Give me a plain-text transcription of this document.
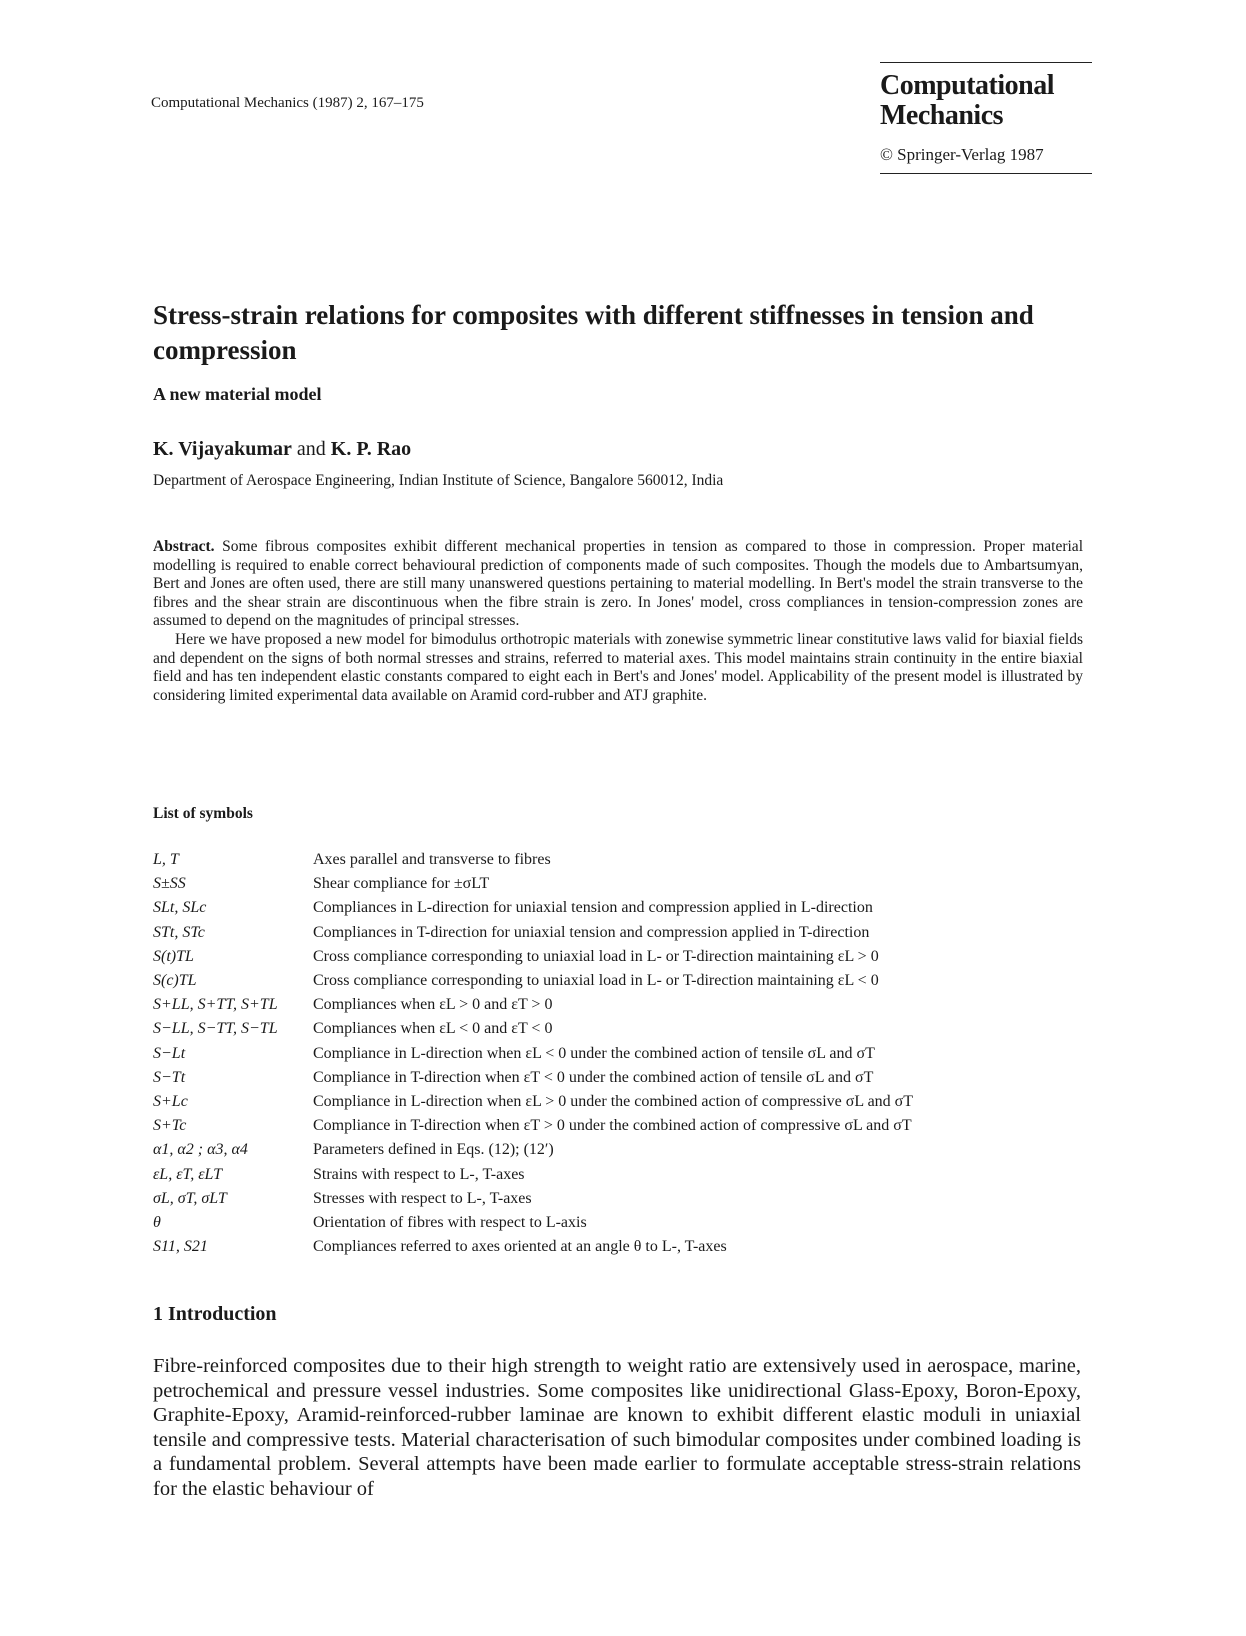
Computational Mechanics (1987) 2, 167–175
Computational
Mechanics
© Springer-Verlag 1987
Stress-strain relations for composites with different stiffnesses in tension and compression
A new material model
K. Vijayakumar and K. P. Rao
Department of Aerospace Engineering, Indian Institute of Science, Bangalore 560012, India

Abstract. Some fibrous composites exhibit different mechanical properties in tension as compared to those in compression. Proper material modelling is required to enable correct behavioural prediction of components made of such composites. Though the models due to Ambartsumyan, Bert and Jones are often used, there are still many unanswered questions pertaining to material modelling. In Bert's model the strain transverse to the fibres and the shear strain are discontinuous when the fibre strain is zero. In Jones' model, cross compliances in tension-compression zones are assumed to depend on the magnitudes of principal stresses.

Here we have proposed a new model for bimodulus orthotropic materials with zonewise symmetric linear constitutive laws valid for biaxial fields and dependent on the signs of both normal stresses and strains, referred to material axes. This model maintains strain continuity in the entire biaxial field and has ten independent elastic constants compared to eight each in Bert's and Jones' model. Applicability of the present model is illustrated by considering limited experimental data available on Aramid cord-rubber and ATJ graphite.

List of symbols
L, T	Axes parallel and transverse to fibres
S±SS	Shear compliance for ±σLT
SLt, SLc	Compliances in L-direction for uniaxial tension and compression applied in L-direction
STt, STc	Compliances in T-direction for uniaxial tension and compression applied in T-direction
S(t)TL	Cross compliance corresponding to uniaxial load in L- or T-direction maintaining εL > 0
S(c)TL	Cross compliance corresponding to uniaxial load in L- or T-direction maintaining εL < 0
S+LL, S+TT, S+TL	Compliances when εL > 0 and εT > 0
S−LL, S−TT, S−TL	Compliances when εL < 0 and εT < 0
S−Lt	Compliance in L-direction when εL < 0 under the combined action of tensile σL and σT
S−Tt	Compliance in T-direction when εT < 0 under the combined action of tensile σL and σT
S+Lc	Compliance in L-direction when εL > 0 under the combined action of compressive σL and σT
S+Tc	Compliance in T-direction when εT > 0 under the combined action of compressive σL and σT
α1, α2 ; α3, α4	Parameters defined in Eqs. (12); (12′)
εL, εT, εLT	Strains with respect to L-, T-axes
σL, σT, σLT	Stresses with respect to L-, T-axes
θ	Orientation of fibres with respect to L-axis
S11, S21	Compliances referred to axes oriented at an angle θ to L-, T-axes
1 Introduction

Fibre-reinforced composites due to their high strength to weight ratio are extensively used in aerospace, marine, petrochemical and pressure vessel industries. Some composites like unidirectional Glass-Epoxy, Boron-Epoxy, Graphite-Epoxy, Aramid-reinforced-rubber laminae are known to exhibit different elastic moduli in uniaxial tensile and compressive tests. Material characterisation of such bimodular composites under combined loading is a fundamental problem. Several attempts have been made earlier to formulate acceptable stress-strain relations for the elastic behaviour of
